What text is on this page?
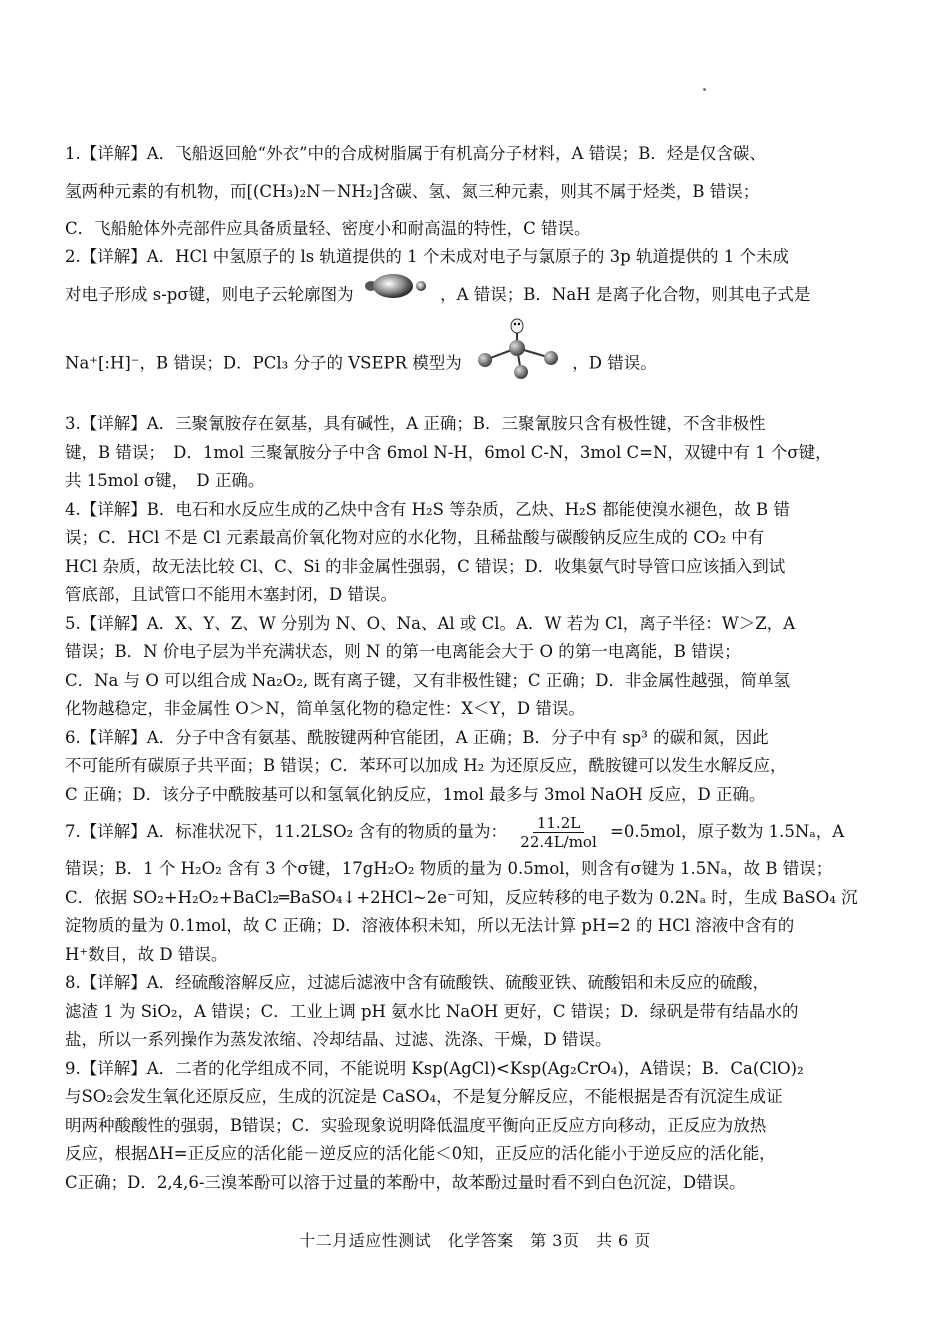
1.【详解】A．飞船返回舱“外衣”中的合成树脂属于有机高分子材料，A 错误；B．烃是仅含碳、

氢两种元素的有机物，而[(CH₃)₂N－NH₂]含碳、氢、氮三种元素，则其不属于烃类，B 错误；

C．飞船舱体外壳部件应具备质量轻、密度小和耐高温的特性，C 错误。

2.【详解】A．HCl 中氢原子的 ls 轨道提供的 1 个未成对电子与氯原子的 3p 轨道提供的 1 个未成

对电子形成 s-pσ键，则电子云轮廓图为	，A 错误；B．NaH 是离子化合物，则其电子式是

Na⁺[:H]⁻，B 错误；D．PCl₃ 分子的 VSEPR 模型为	，D 错误。

3.【详解】A．三聚氰胺存在氨基，具有碱性，A 正确；B．三聚氰胺只含有极性键，不含非极性

键，B 错误；　D．1mol 三聚氰胺分子中含 6mol N-H，6mol C-N，3mol C=N，双键中有 1 个σ键，

共 15mol σ键，　D 正确。

4.【详解】B．电石和水反应生成的乙炔中含有 H₂S 等杂质，乙炔、H₂S 都能使溴水褪色，故 B 错

误；C．HCl 不是 Cl 元素最高价氧化物对应的水化物，且稀盐酸与碳酸钠反应生成的 CO₂ 中有

HCl 杂质，故无法比较 Cl、C、Si 的非金属性强弱，C 错误；D．收集氨气时导管口应该插入到试

管底部，且试管口不能用木塞封闭，D 错误。

5.【详解】A．X、Y、Z、W 分别为 N、O、Na、Al 或 Cl。A．W 若为 Cl，离子半径：W＞Z，A

错误；B．N 价电子层为半充满状态，则 N 的第一电离能会大于 O 的第一电离能，B 错误；

C．Na 与 O 可以组合成 Na₂O₂, 既有离子键，又有非极性键；C 正确；D．非金属性越强，简单氢

化物越稳定，非金属性 O＞N，简单氢化物的稳定性：X＜Y，D 错误。

6.【详解】A．分子中含有氨基、酰胺键两种官能团，A 正确；B．分子中有 sp³ 的碳和氮，因此

不可能所有碳原子共平面；B 错误；C．苯环可以加成 H₂ 为还原反应，酰胺键可以发生水解反应，

C 正确；D．该分子中酰胺基可以和氢氧化钠反应，1mol 最多与 3mol NaOH 反应，D 正确。

7.【详解】A．标准状况下，11.2LSO₂ 含有的物质的量为： $\frac{11.2L}{\text{22.4L/mol}} =0.5mol$，原子数为 1.5Nₐ，A

错误；B．1 个 H₂O₂ 含有 3 个σ键，17gH₂O₂ 物质的量为 0.5mol，则含有σ键为 1.5Nₐ，故 B 错误；

C．依据 SO₂+H₂O₂+BaCl₂═BaSO₄↓+2HCl~2e⁻可知，反应转移的电子数为 0.2Nₐ 时，生成 BaSO₄ 沉

淀物质的量为 0.1mol，故 C 正确；D．溶液体积未知，所以无法计算 pH=2 的 HCl 溶液中含有的

H⁺数目，故 D 错误。

8.【详解】A．经硫酸溶解反应，过滤后滤液中含有硫酸铁、硫酸亚铁、硫酸铝和未反应的硫酸，

滤渣 1 为 SiO₂，A 错误；C．工业上调 pH 氨水比 NaOH 更好，C 错误；D．绿矾是带有结晶水的

盐，所以一系列操作为蒸发浓缩、冷却结晶、过滤、洗涤、干燥，D 错误。

9.【详解】A．二者的化学组成不同，不能说明 Ksp(AgCl)<Ksp(Ag₂CrO₄)，A错误；B．Ca(ClO)₂

与SO₂会发生氧化还原反应，生成的沉淀是 CaSO₄，不是复分解反应，不能根据是否有沉淀生成证

明两种酸酸性的强弱，B错误；C．实验现象说明降低温度平衡向正反应方向移动，正反应为放热

反应，根据ΔH=正反应的活化能－逆反应的活化能＜0知，正反应的活化能小于逆反应的活化能，

C正确；D．2,4,6-三溴苯酚可以溶于过量的苯酚中，故苯酚过量时看不到白色沉淀，D错误。

十二月适应性测试　化学答案　第 3页　共 6 页
